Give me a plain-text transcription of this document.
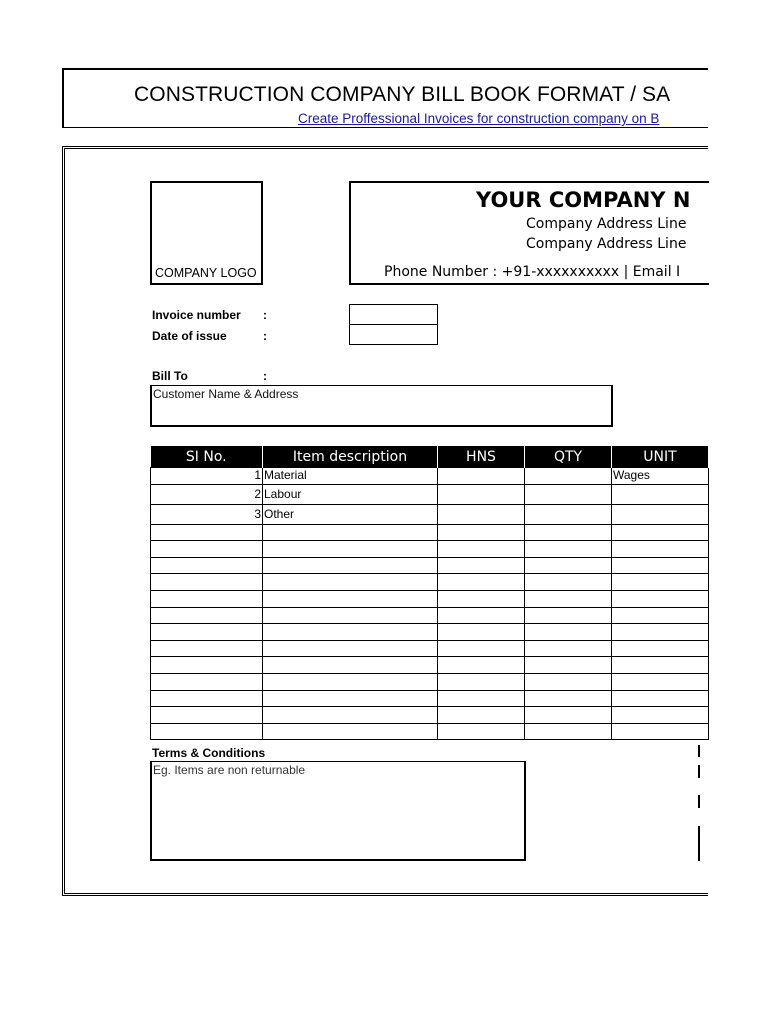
CONSTRUCTION COMPANY BILL BOOK FORMAT / SA
Create Proffessional Invoices for construction company on B
COMPANY LOGO
YOUR COMPANY N
Company Address Line
Company Address Line
Phone Number : +91-xxxxxxxxxx | Email I
Invoice number :
Date of issue	:
Bill To	:
Customer Name & Address
SI No.	Item description	HNS	QTY	UNIT
1	Material			Wages
2	Labour			
3	Other			

Terms & Conditions
Eg. Items are non returnable
